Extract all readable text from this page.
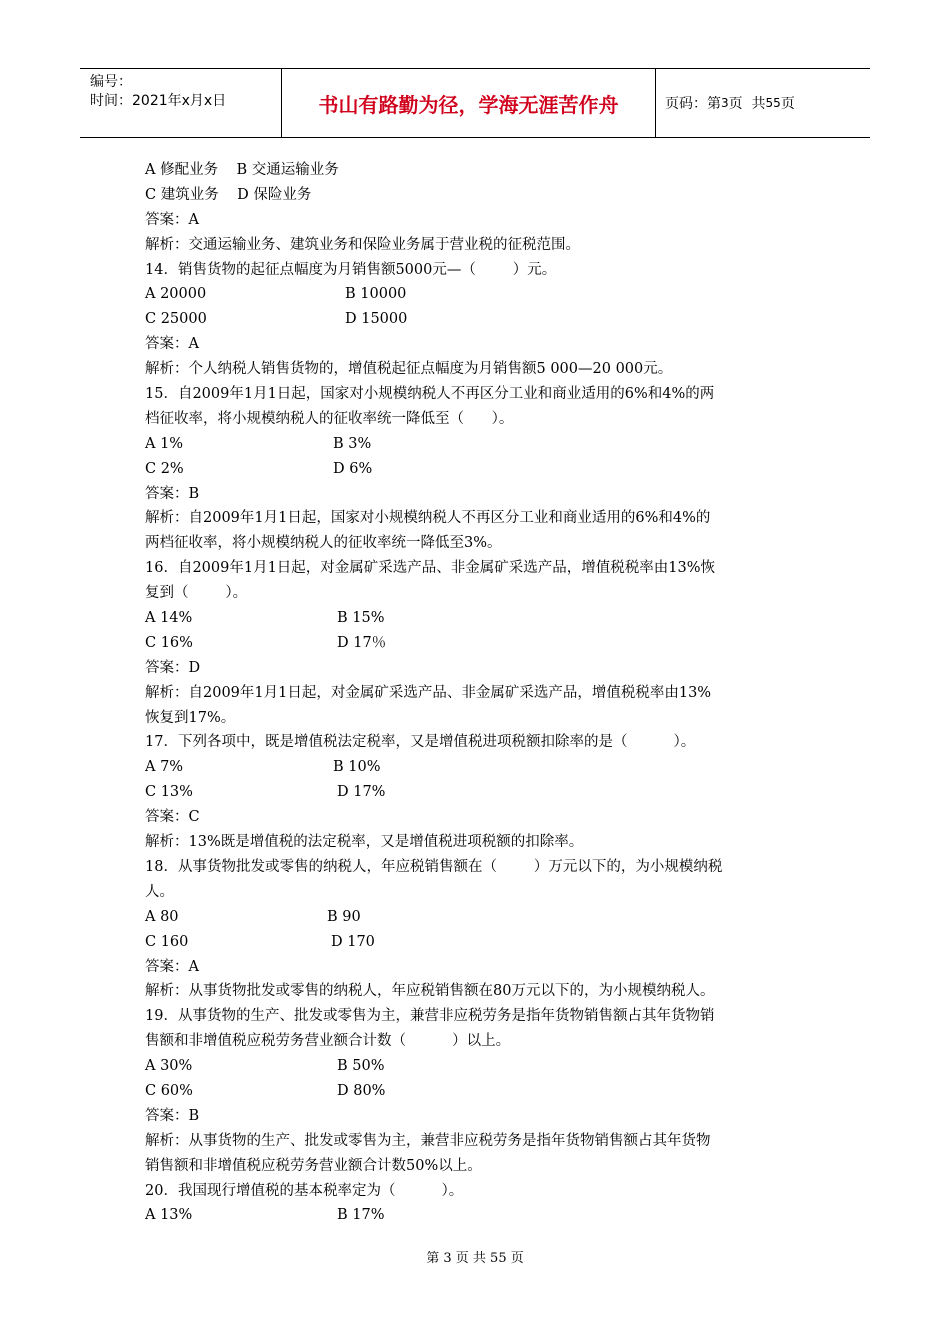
编号：
时间：2021年x月x日	书山有路勤为径，学海无涯苦作舟	页码：第 3 页  共 55 页
A 修配业务    B 交通运输业务
C 建筑业务    D 保险业务
答案：A
解析：交通运输业务、建筑业务和保险业务属于营业税的征税范围。
14．销售货物的起征点幅度为月销售额5000元—（        ）元。
A 20000	B 10000
C 25000	D 15000
答案：A
解析：个人纳税人销售货物的，增值税起征点幅度为月销售额5 000—20 000元。
15．自2009年1月1日起，国家对小规模纳税人不再区分工业和商业适用的6%和4%的两
档征收率，将小规模纳税人的征收率统一降低至（      ）。
A 1%	B 3%
C 2%	D 6%
答案：B
解析：自2009年1月1日起，国家对小规模纳税人不再区分工业和商业适用的6%和4%的
两档征收率，将小规模纳税人的征收率统一降低至3%。
16．自2009年1月1日起，对金属矿采选产品、非金属矿采选产品，增值税税率由13%恢
复到（        ）。
A 14%	B 15%
C 16%	D 17％
答案：D
解析：自2009年1月1日起，对金属矿采选产品、非金属矿采选产品，增值税税率由13%
恢复到17%。
17．下列各项中，既是增值税法定税率，又是增值税进项税额扣除率的是（          ）。
A 7%	B 10%
C 13%	D 17%
答案：C
解析：13%既是增值税的法定税率，又是增值税进项税额的扣除率。
18．从事货物批发或零售的纳税人，年应税销售额在（        ）万元以下的，为小规模纳税
人。
A 80	B 90
C 160	D 170
答案：A
解析：从事货物批发或零售的纳税人，年应税销售额在80万元以下的，为小规模纳税人。
19．从事货物的生产、批发或零售为主，兼营非应税劳务是指年货物销售额占其年货物销
售额和非增值税应税劳务营业额合计数（          ）以上。
A 30%	B 50%
C 60%	D 80%
答案：B
解析：从事货物的生产、批发或零售为主，兼营非应税劳务是指年货物销售额占其年货物
销售额和非增值税应税劳务营业额合计数50%以上。
20．我国现行增值税的基本税率定为（          ）。
A 13%	B 17%
第 3 页 共 55 页
